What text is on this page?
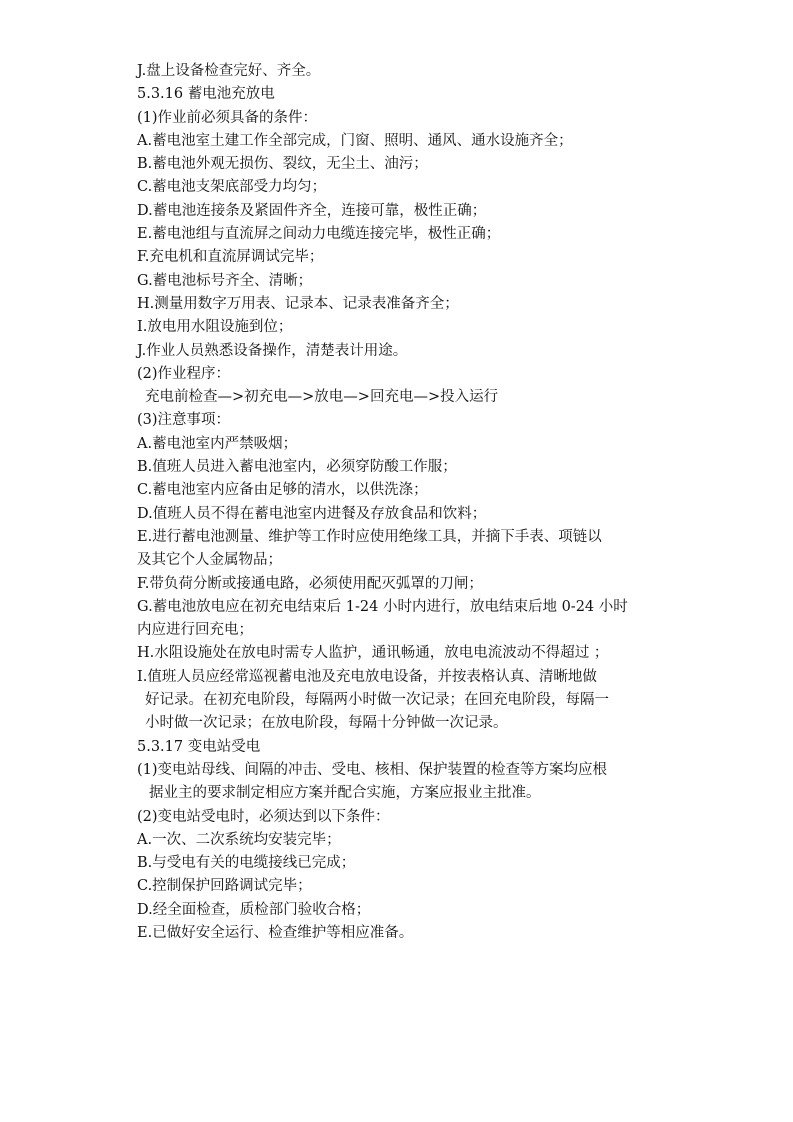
J.盘上设备检查完好、齐全。
5.3.16 蓄电池充放电
(1)作业前必须具备的条件：
A.蓄电池室土建工作全部完成，门窗、照明、通风、通水设施齐全；
B.蓄电池外观无损伤、裂纹，无尘土、油污；
C.蓄电池支架底部受力均匀；
D.蓄电池连接条及紧固件齐全，连接可靠，极性正确；
E.蓄电池组与直流屏之间动力电缆连接完毕，极性正确；
F.充电机和直流屏调试完毕；
G.蓄电池标号齐全、清晰；
H.测量用数字万用表、记录本、记录表准备齐全；
I.放电用水阻设施到位；
J.作业人员熟悉设备操作，清楚表计用途。
(2)作业程序：
充电前检查—>初充电—>放电—>回充电—>投入运行
(3)注意事项：
A.蓄电池室内严禁吸烟；
B.值班人员进入蓄电池室内，必须穿防酸工作服；
C.蓄电池室内应备由足够的清水，以供洗涤；
D.值班人员不得在蓄电池室内进餐及存放食品和饮料；
E.进行蓄电池测量、维护等工作时应使用绝缘工具，并摘下手表、项链以
及其它个人金属物品；
F.带负荷分断或接通电路，必须使用配灭弧罩的刀闸；
G.蓄电池放电应在初充电结束后 1-24 小时内进行，放电结束后地 0-24 小时
内应进行回充电；
H.水阻设施处在放电时需专人监护，通讯畅通，放电电流波动不得超过 ；
I.值班人员应经常巡视蓄电池及充电放电设备，并按表格认真、清晰地做
好记录。在初充电阶段，每隔两小时做一次记录；在回充电阶段，每隔一
小时做一次记录；在放电阶段，每隔十分钟做一次记录。
5.3.17 变电站受电
(1)变电站母线、间隔的冲击、受电、核相、保护装置的检查等方案均应根
据业主的要求制定相应方案并配合实施，方案应报业主批准。
(2)变电站受电时，必须达到以下条件：
A.一次、二次系统均安装完毕；
B.与受电有关的电缆接线已完成；
C.控制保护回路调试完毕；
D.经全面检查，质检部门验收合格；
E.已做好安全运行、检查维护等相应准备。
